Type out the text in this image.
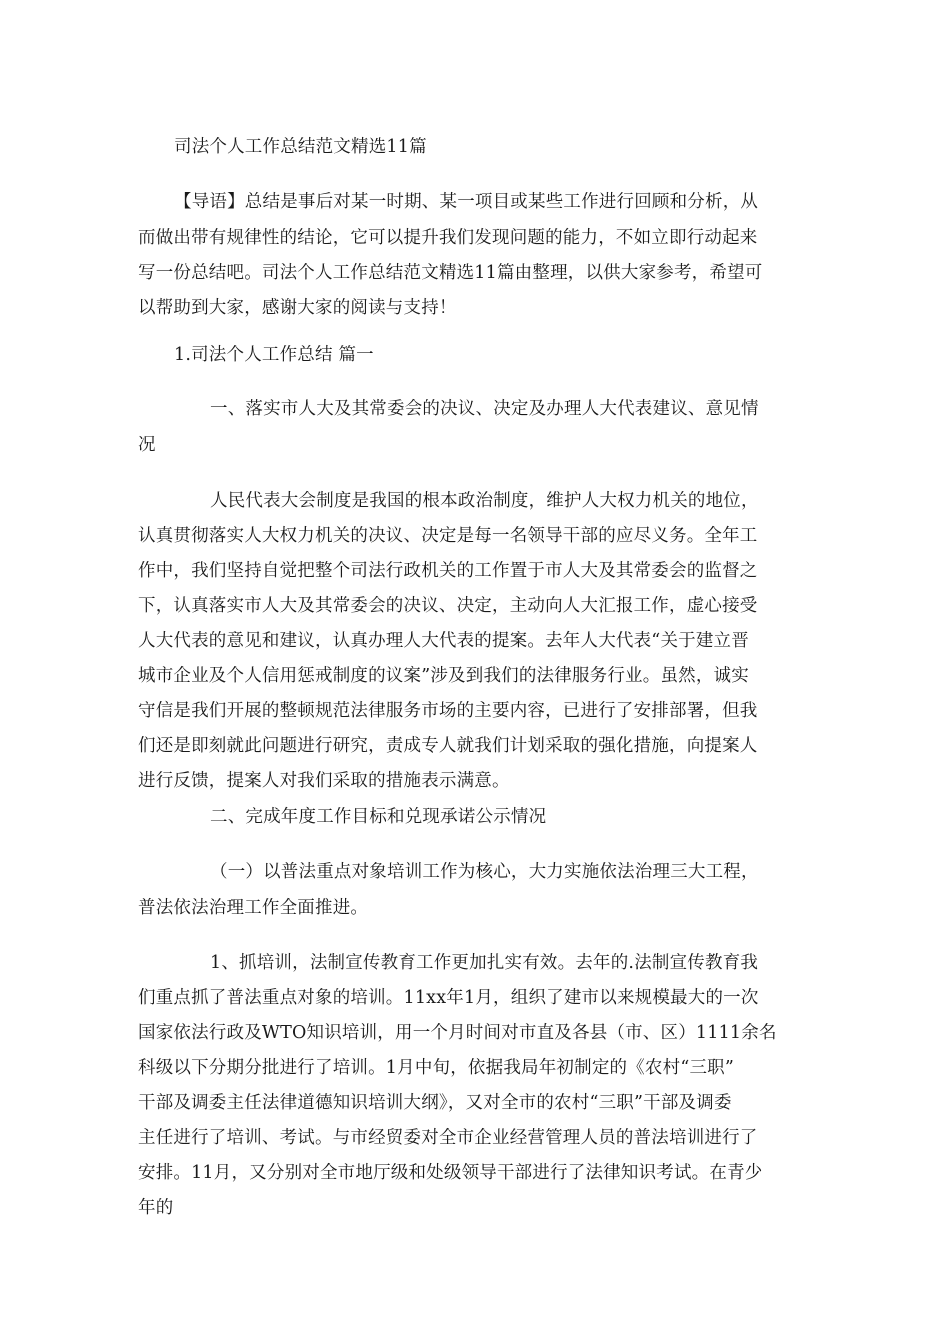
司法个人工作总结范文精选11篇
【导语】总结是事后对某一时期、某一项目或某些工作进行回顾和分析，从
而做出带有规律性的结论，它可以提升我们发现问题的能力，不如立即行动起来
写一份总结吧。司法个人工作总结范文精选11篇由整理，以供大家参考，希望可
以帮助到大家，感谢大家的阅读与支持！
1.司法个人工作总结 篇一
一、落实市人大及其常委会的决议、决定及办理人大代表建议、意见情
况
人民代表大会制度是我国的根本政治制度，维护人大权力机关的地位，
认真贯彻落实人大权力机关的决议、决定是每一名领导干部的应尽义务。全年工
作中，我们坚持自觉把整个司法行政机关的工作置于市人大及其常委会的监督之
下，认真落实市人大及其常委会的决议、决定，主动向人大汇报工作，虚心接受
人大代表的意见和建议，认真办理人大代表的提案。去年人大代表“关于建立晋
城市企业及个人信用惩戒制度的议案”涉及到我们的法律服务行业。虽然，诚实
守信是我们开展的整顿规范法律服务市场的主要内容，已进行了安排部署，但我
们还是即刻就此问题进行研究，责成专人就我们计划采取的强化措施，向提案人
进行反馈，提案人对我们采取的措施表示满意。
二、完成年度工作目标和兑现承诺公示情况
（一）以普法重点对象培训工作为核心，大力实施依法治理三大工程，
普法依法治理工作全面推进。
1、抓培训，法制宣传教育工作更加扎实有效。去年的.法制宣传教育我
们重点抓了普法重点对象的培训。11xx年1月，组织了建市以来规模最大的一次
国家依法行政及WTO知识培训，用一个月时间对市直及各县（市、区）1111余名
科级以下分期分批进行了培训。1月中旬，依据我局年初制定的《农村“三职”
干部及调委主任法律道德知识培训大纲》，又对全市的农村“三职”干部及调委
主任进行了培训、考试。与市经贸委对全市企业经营管理人员的普法培训进行了
安排。11月，又分别对全市地厅级和处级领导干部进行了法律知识考试。在青少
年的
